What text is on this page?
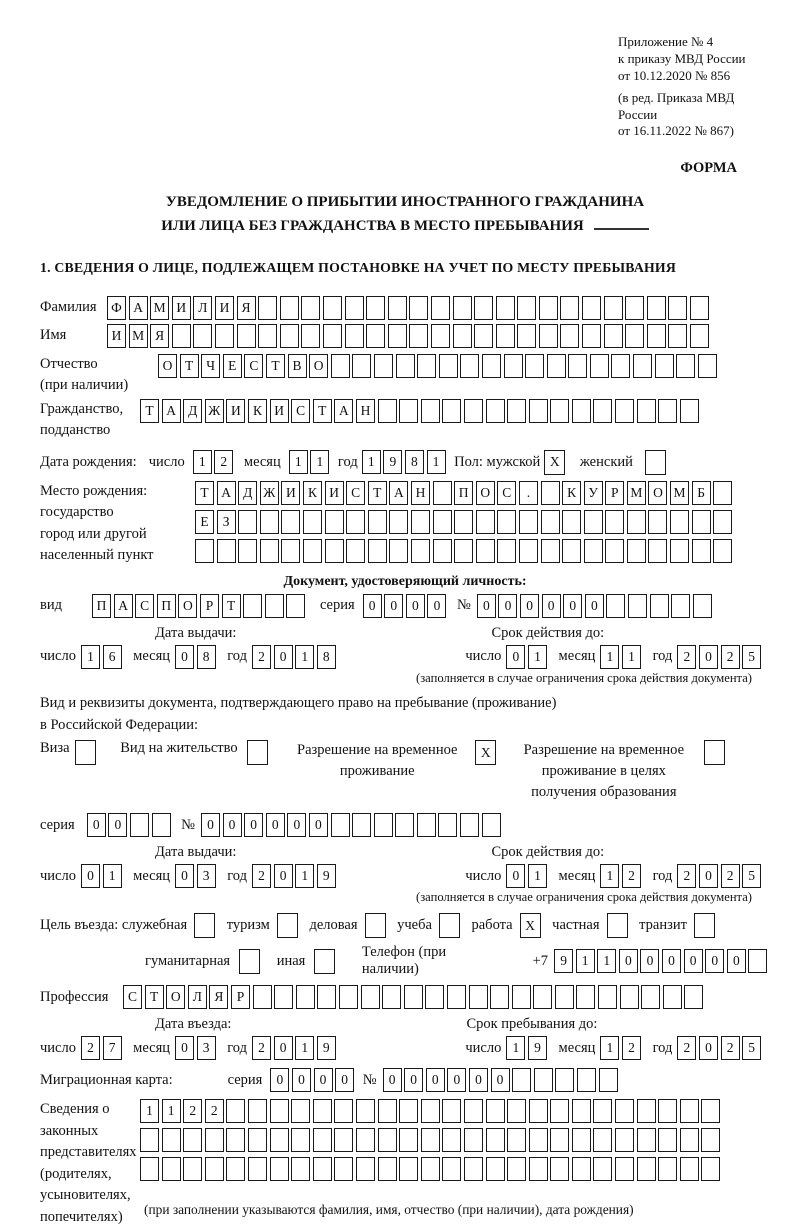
Приложение № 4
к приказу МВД России
от 10.12.2020 № 856
(в ред. Приказа МВД России
от 16.11.2022 № 867)
ФОРМА
УВЕДОМЛЕНИЕ О ПРИБЫТИИ ИНОСТРАННОГО ГРАЖДАНИНА
ИЛИ ЛИЦА БЕЗ ГРАЖДАНСТВА В МЕСТО ПРЕБЫВАНИЯ
1. СВЕДЕНИЯ О ЛИЦЕ, ПОДЛЕЖАЩЕМ ПОСТАНОВКЕ НА УЧЕТ ПО МЕСТУ ПРЕБЫВАНИЯ
Фамилия	Ф А М И Л И Я
Имя	И М Я
Отчество
(при наличии)
О Т Ч Е С Т В О
Гражданство,
подданство
Т А Д Ж И К И С Т А Н
Дата рождения: число	1	2	месяц	1	1	год 1	9	8	1	Пол: мужской X	женский
Место рождения:
государство
город или другой
населенный пункт
Т А Д Ж И К И С Т А Н	П О С	.	К У Р М О М Б
Е	З
Документ, удостоверяющий личность:
вид	П А С П О Р	Т	серия	0	0	0	0	№ 0	0	0	0	0	0
Дата выдачи:	Срок действия до:
число 1	6	месяц 0	8	год 2	0	1	8	число 0	1	месяц 1	1	год 2	0	2	5
(заполняется в случае ограничения срока действия документа)
Вид и реквизиты документа, подтверждающего право на пребывание (проживание)
в Российской Федерации:
Виза	Вид на жительство	Разрешение на временное
проживание
X	Разрешение на временное
проживание в целях
получения образования
серия	0	0	№ 0	0	0	0	0	0
Дата выдачи:	Срок действия до:
число 0	1	месяц 0	3	год 2	0	1	9	число 0	1	месяц 1	2	год 2	0	2	5
(заполняется в случае ограничения срока действия документа)
Цель въезда: служебная	туризм	деловая	учеба	работа X	частная	транзит
гуманитарная	иная
Телефон (при наличии)
+7 9	1	1	0	0	0	0	0	0
Профессия	С Т О Л Я Р
Дата въезда:	Срок пребывания до:
число 2	7	месяц 0	3	год 2	0	1	9	число 1	9	месяц 1	2	год 2	0	2	5
Миграционная карта:	серия	0	0	0	0	№ 0	0	0	0	0	0
Сведения о
законных
представителях
(родителях,
усыновителях,
попечителях)
1	1	2	2
(при заполнении указываются фамилия, имя, отчество (при наличии), дата рождения)
